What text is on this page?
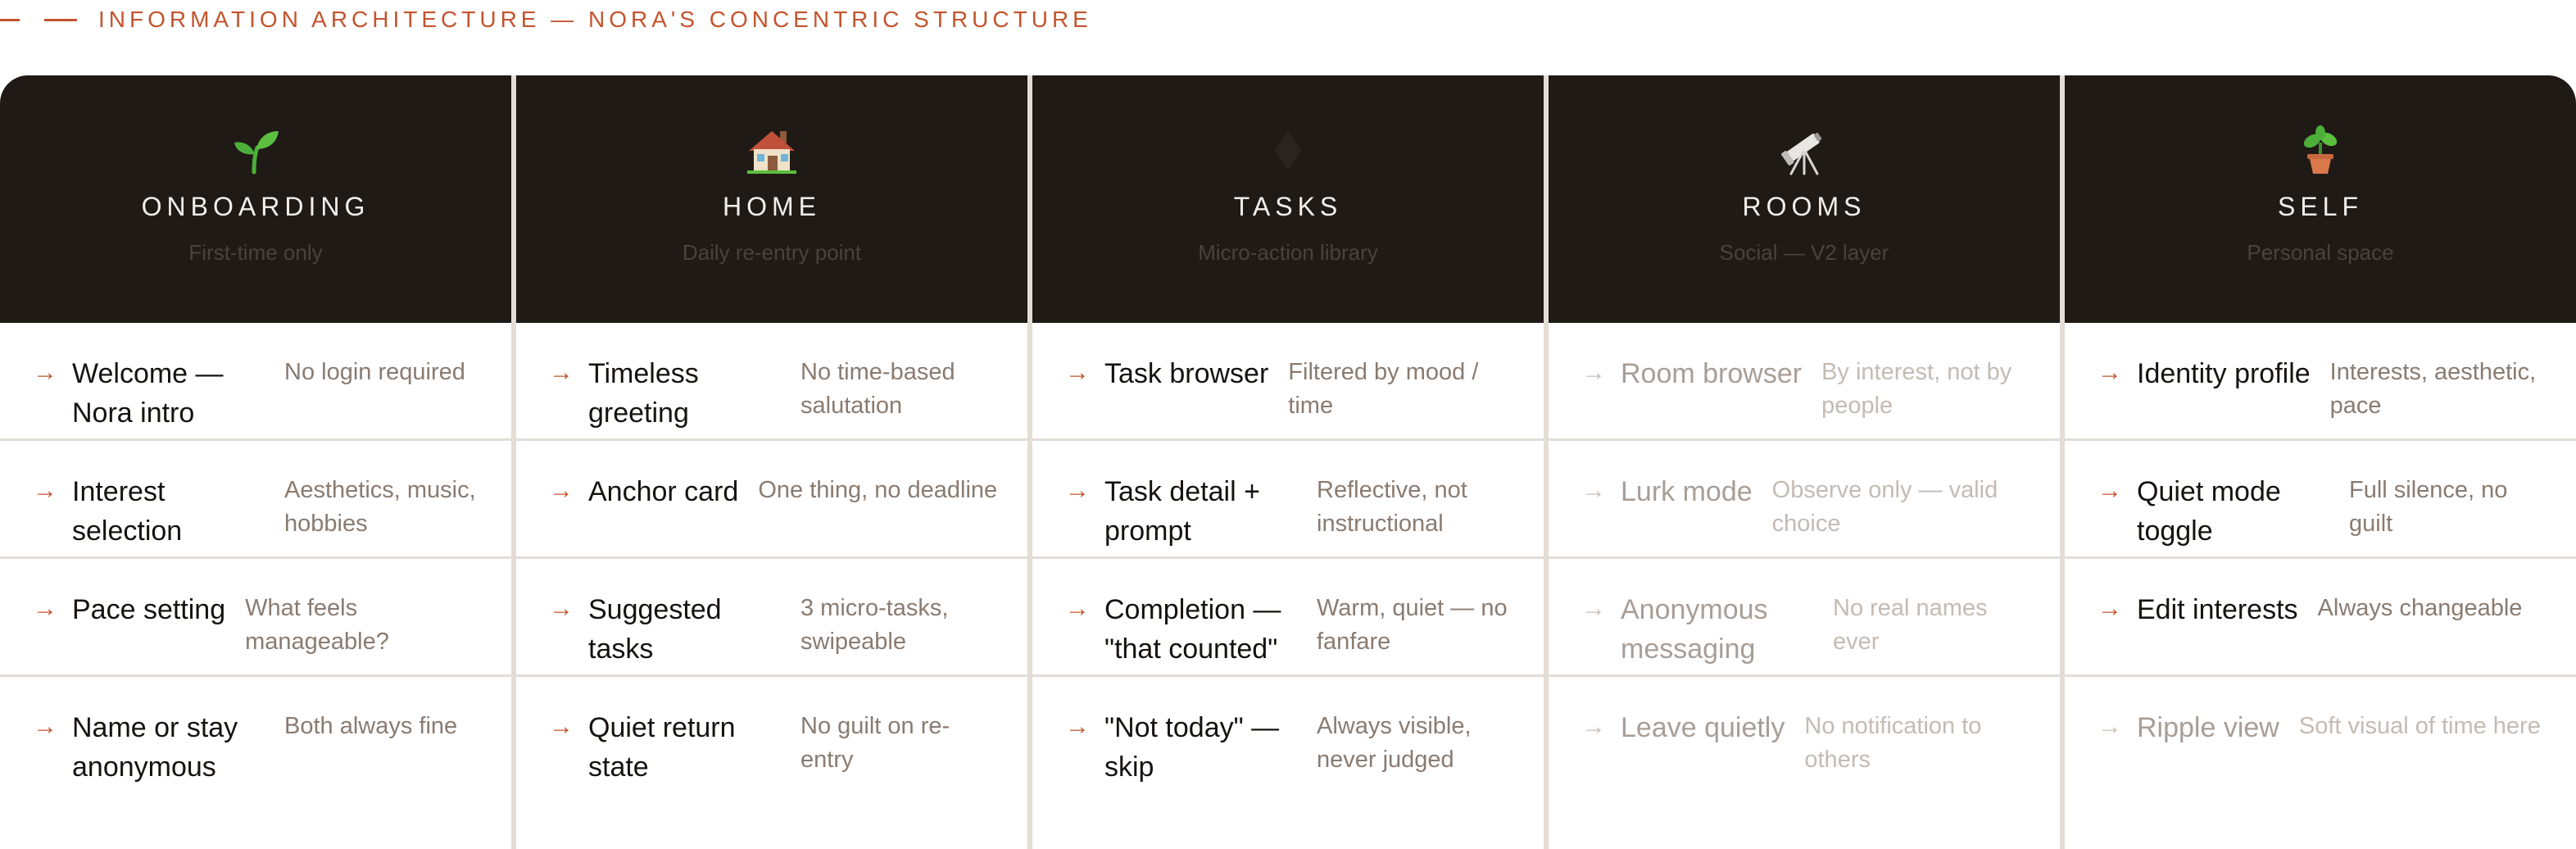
INFORMATION ARCHITECTURE — NORA'S CONCENTRIC STRUCTURE
ONBOARDING
First-time only
→ Welcome — Nora intro
No login required
→ Interest selection
Aesthetics, music, hobbies
→ Pace setting What feels manageable?
→ Name or stay anonymous
Both always fine
HOME
Daily re-entry point
→ Timeless greeting
No time-based salutation
→ Anchor card One thing, no deadline
→ Suggested tasks
3 micro-tasks, swipeable
→ Quiet return state
No guilt on re-entry
TASKS
Micro-action library
→ Task browser Filtered by mood / time
→ Task detail + prompt
Reflective, not instructional
→ Completion — "that counted"
Warm, quiet — no fanfare
→ "Not today" — skip
Always visible, never judged
ROOMS
Social — V2 layer
→ Room browser By interest, not by people
→ Lurk mode Observe only — valid choice
→ Anonymous messaging
No real names ever
→ Leave quietly No notification to others
SELF
Personal space
→ Identity profile Interests, aesthetic, pace
→ Quiet mode toggle
Full silence, no guilt
→ Edit interests Always changeable
→ Ripple view Soft visual of time here
